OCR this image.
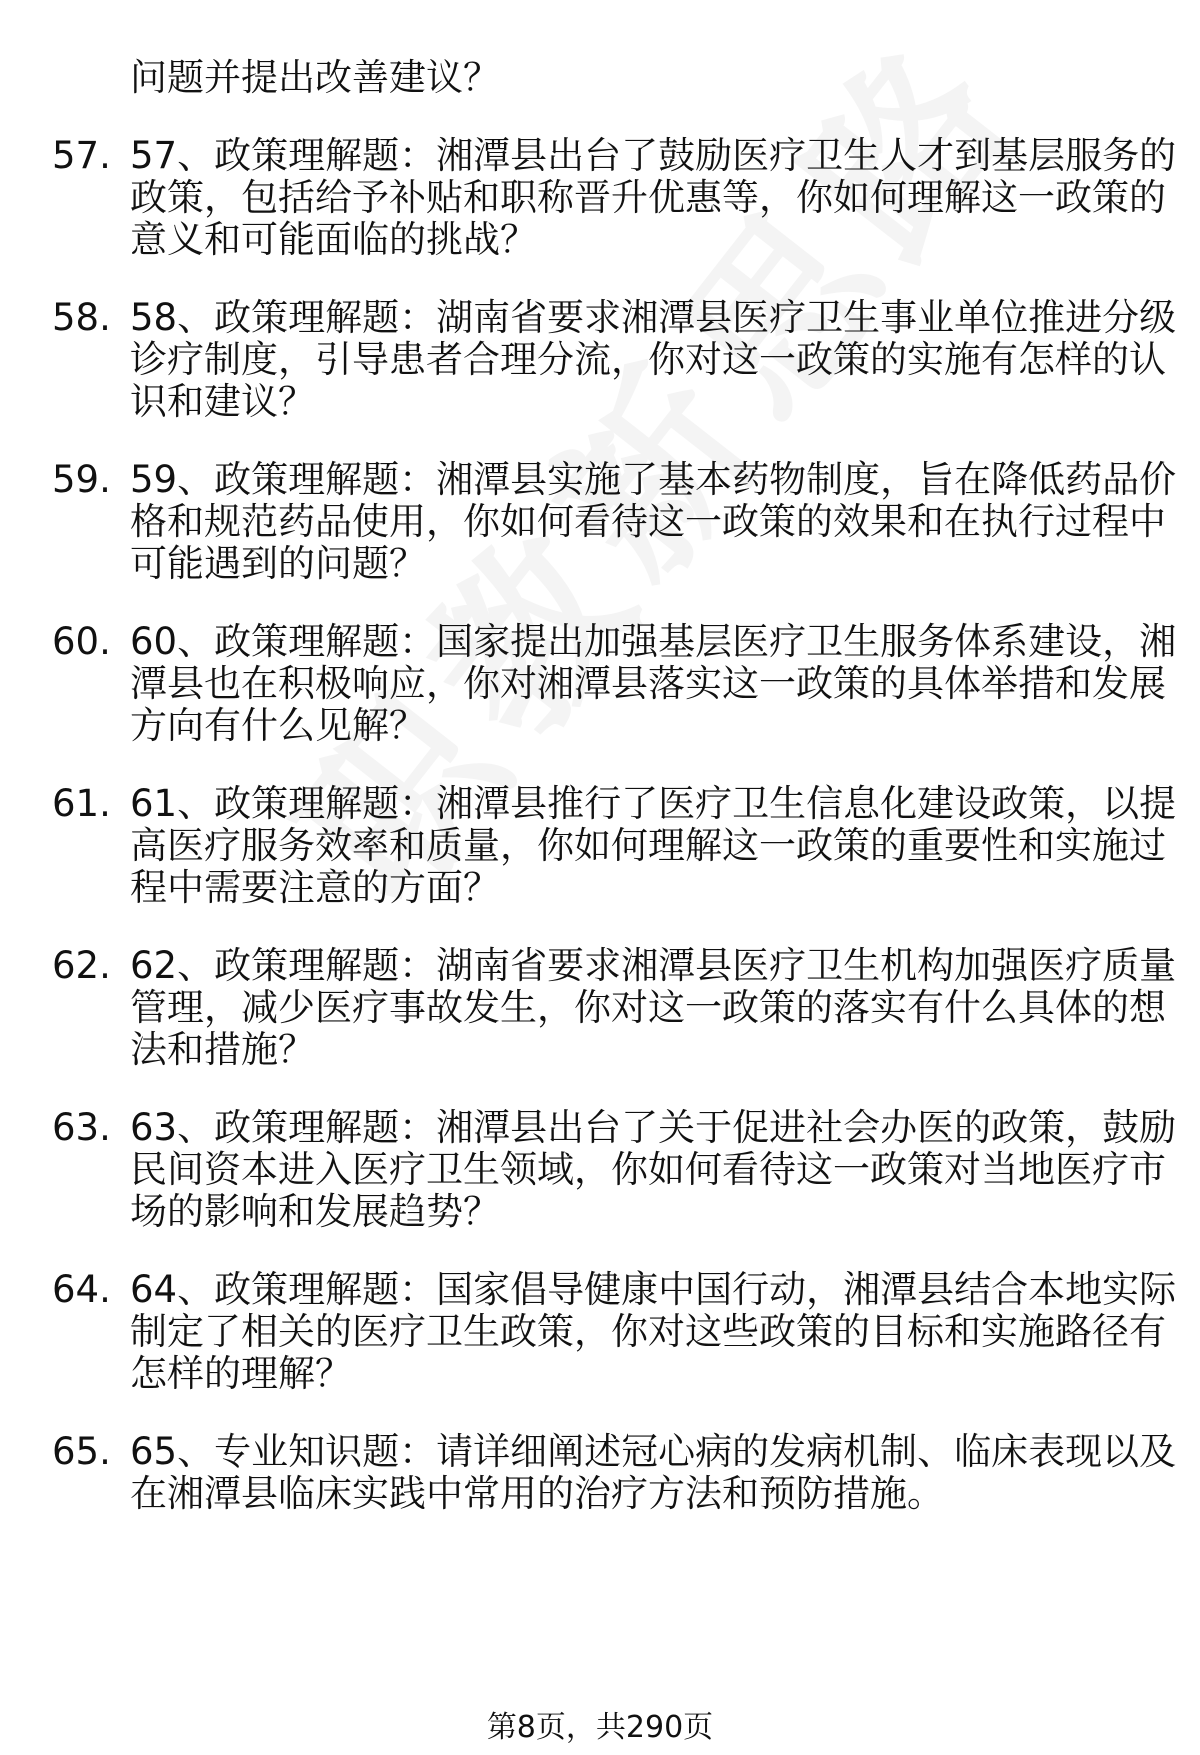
问题并提出改善建议？
57. 57、政策理解题：湘潭县出台了鼓励医疗卫生人才到基层服务的
政策，包括给予补贴和职称晋升优惠等，你如何理解这一政策的
意义和可能面临的挑战？
58. 58、政策理解题：湖南省要求湘潭县医疗卫生事业单位推进分级
诊疗制度，引导患者合理分流，你对这一政策的实施有怎样的认
识和建议？
59. 59、政策理解题：湘潭县实施了基本药物制度，旨在降低药品价
格和规范药品使用，你如何看待这一政策的效果和在执行过程中
可能遇到的问题？
60. 60、政策理解题：国家提出加强基层医疗卫生服务体系建设，湘
潭县也在积极响应，你对湘潭县落实这一政策的具体举措和发展
方向有什么见解？
61. 61、政策理解题：湘潭县推行了医疗卫生信息化建设政策，以提
高医疗服务效率和质量，你如何理解这一政策的重要性和实施过
程中需要注意的方面？
62. 62、政策理解题：湖南省要求湘潭县医疗卫生机构加强医疗质量
管理，减少医疗事故发生，你对这一政策的落实有什么具体的想
法和措施？
63. 63、政策理解题：湘潭县出台了关于促进社会办医的政策，鼓励
民间资本进入医疗卫生领域，你如何看待这一政策对当地医疗市
场的影响和发展趋势？
64. 64、政策理解题：国家倡导健康中国行动，湘潭县结合本地实际
制定了相关的医疗卫生政策，你对这些政策的目标和实施路径有
怎样的理解？
65. 65、专业知识题：请详细阐述冠心病的发病机制、临床表现以及
在湘潭县临床实践中常用的治疗方法和预防措施。
第8页，共290页
